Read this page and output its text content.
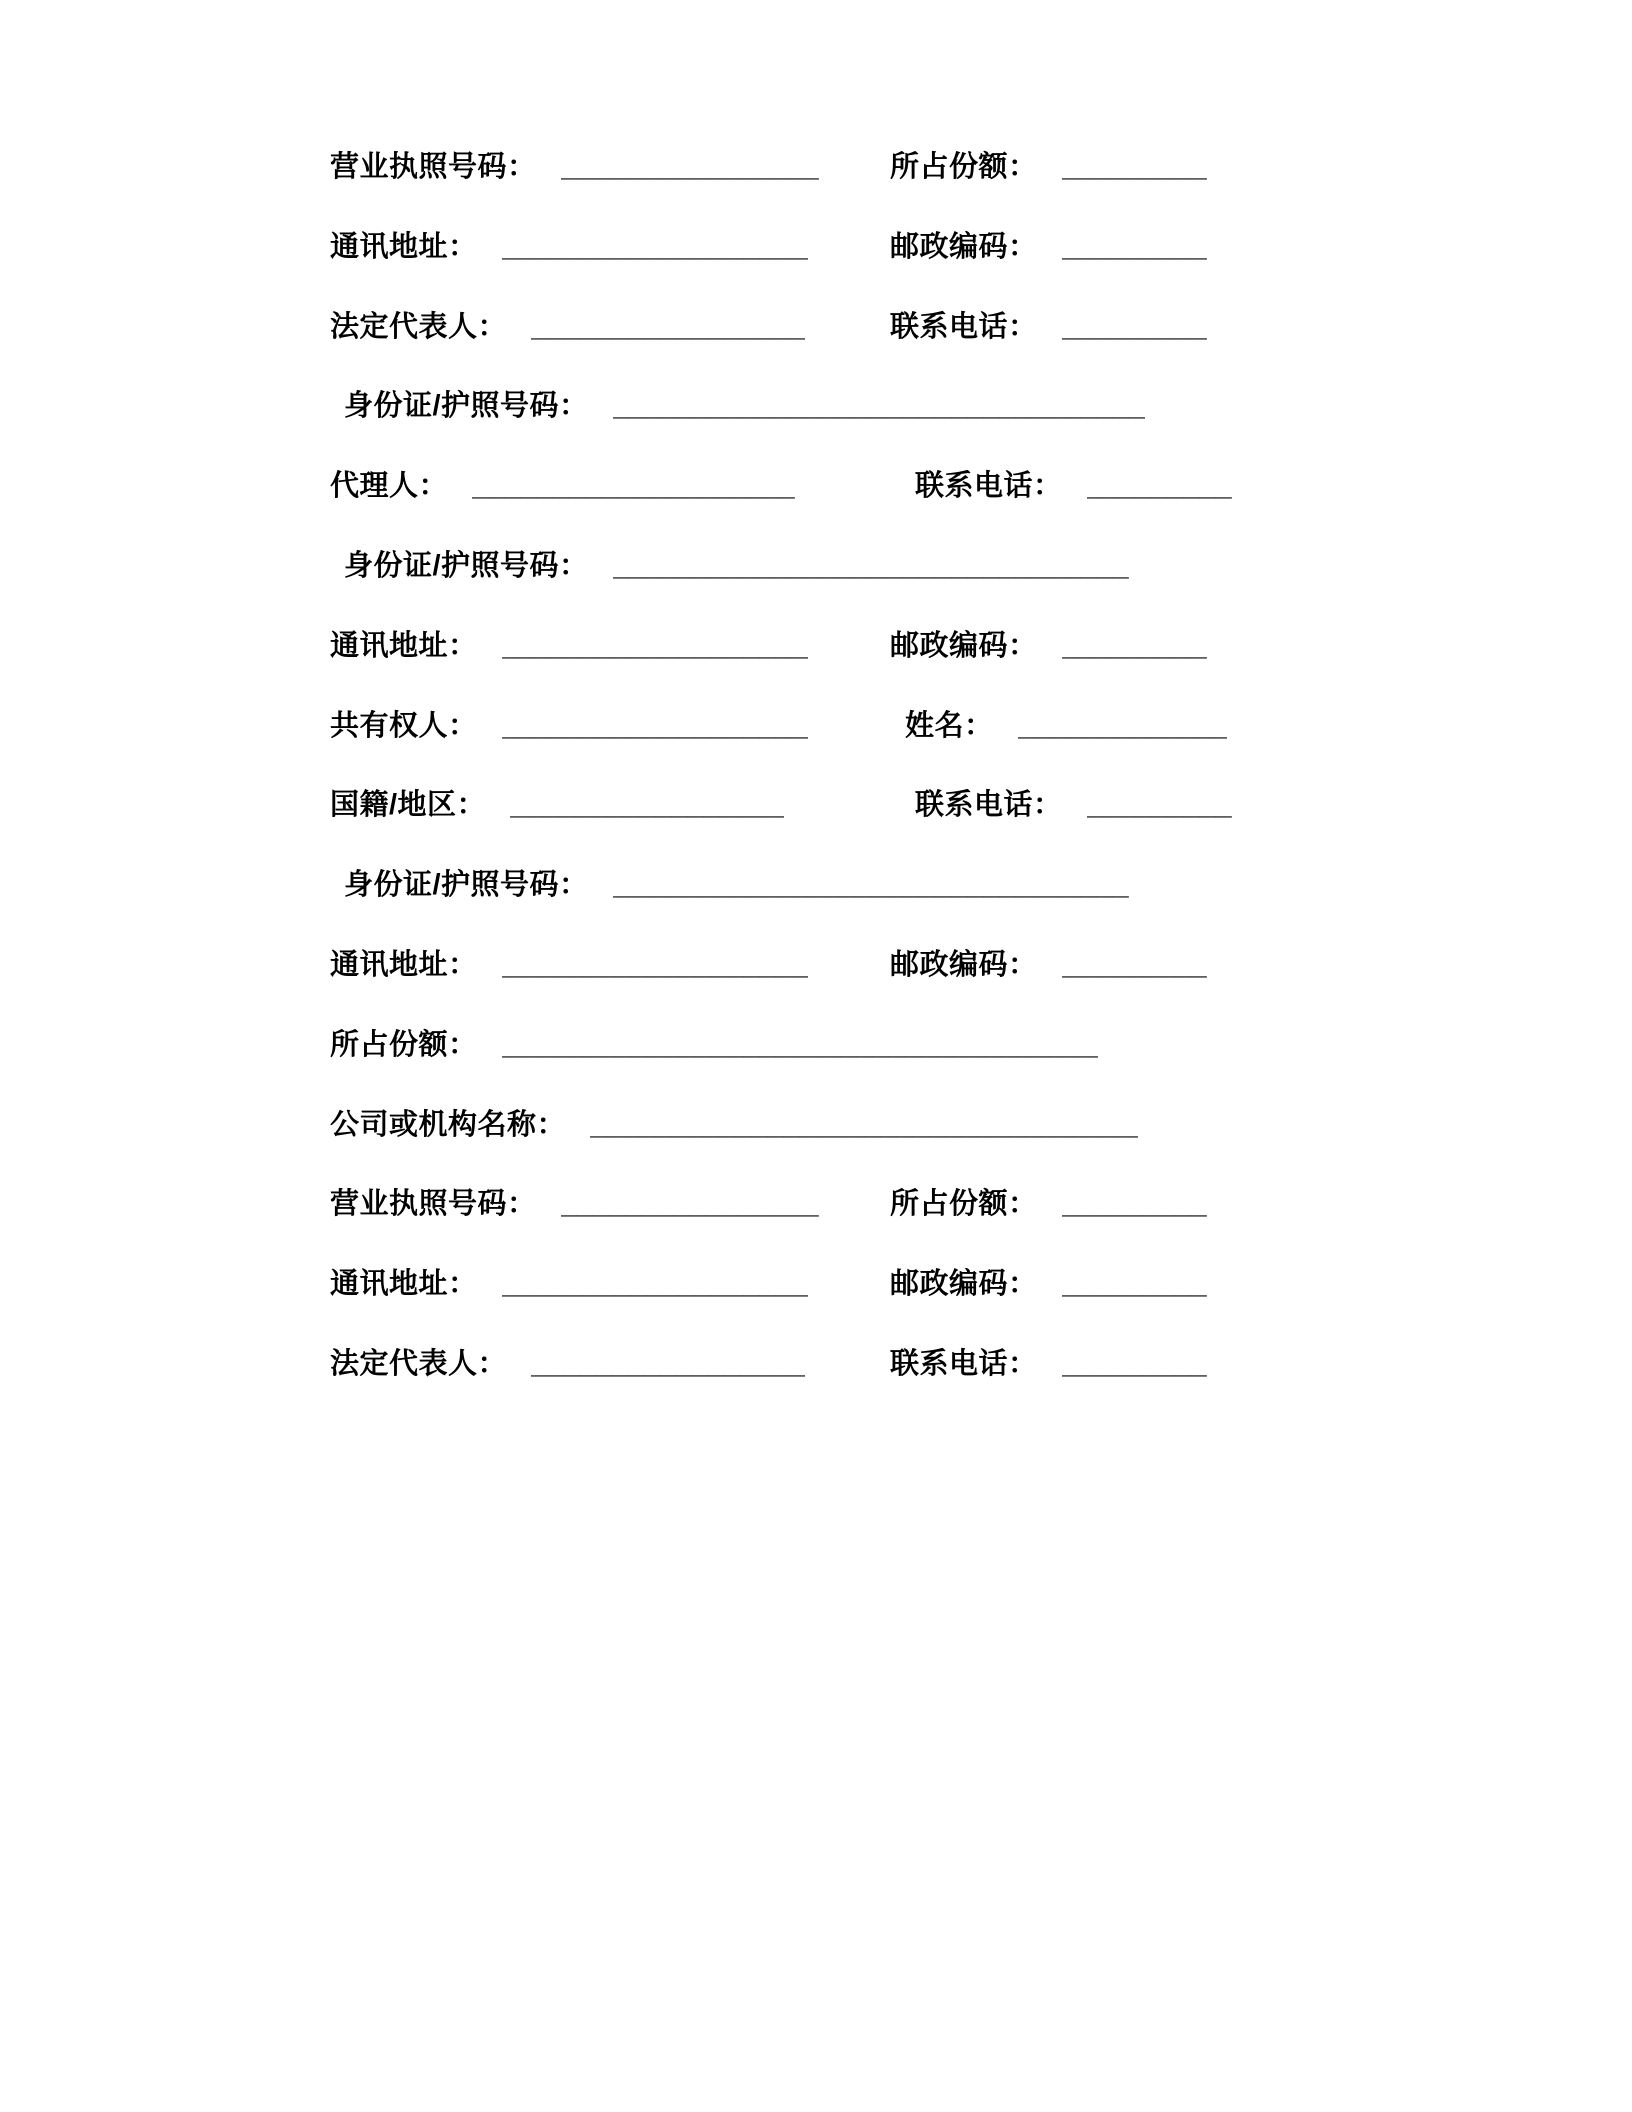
营业执照号码： ________________ 所占份额： _________
通讯地址： ___________________	邮政编码： _________
法定代表人： _________________	联系电话： _________
身份证/护照号码： _________________________________
代理人： ____________________	联系电话： _________
身份证/护照号码： ________________________________
通讯地址： ___________________	邮政编码： _________
共有权人： ___________________	姓名： _____________
国籍/地区： _________________	联系电话： _________
身份证/护照号码： ________________________________
通讯地址： ___________________	邮政编码： _________
所占份额： _____________________________________
公司或机构名称： __________________________________
营业执照号码： ________________ 所占份额： _________
通讯地址： ___________________	邮政编码： _________
法定代表人： _________________	联系电话： _________
